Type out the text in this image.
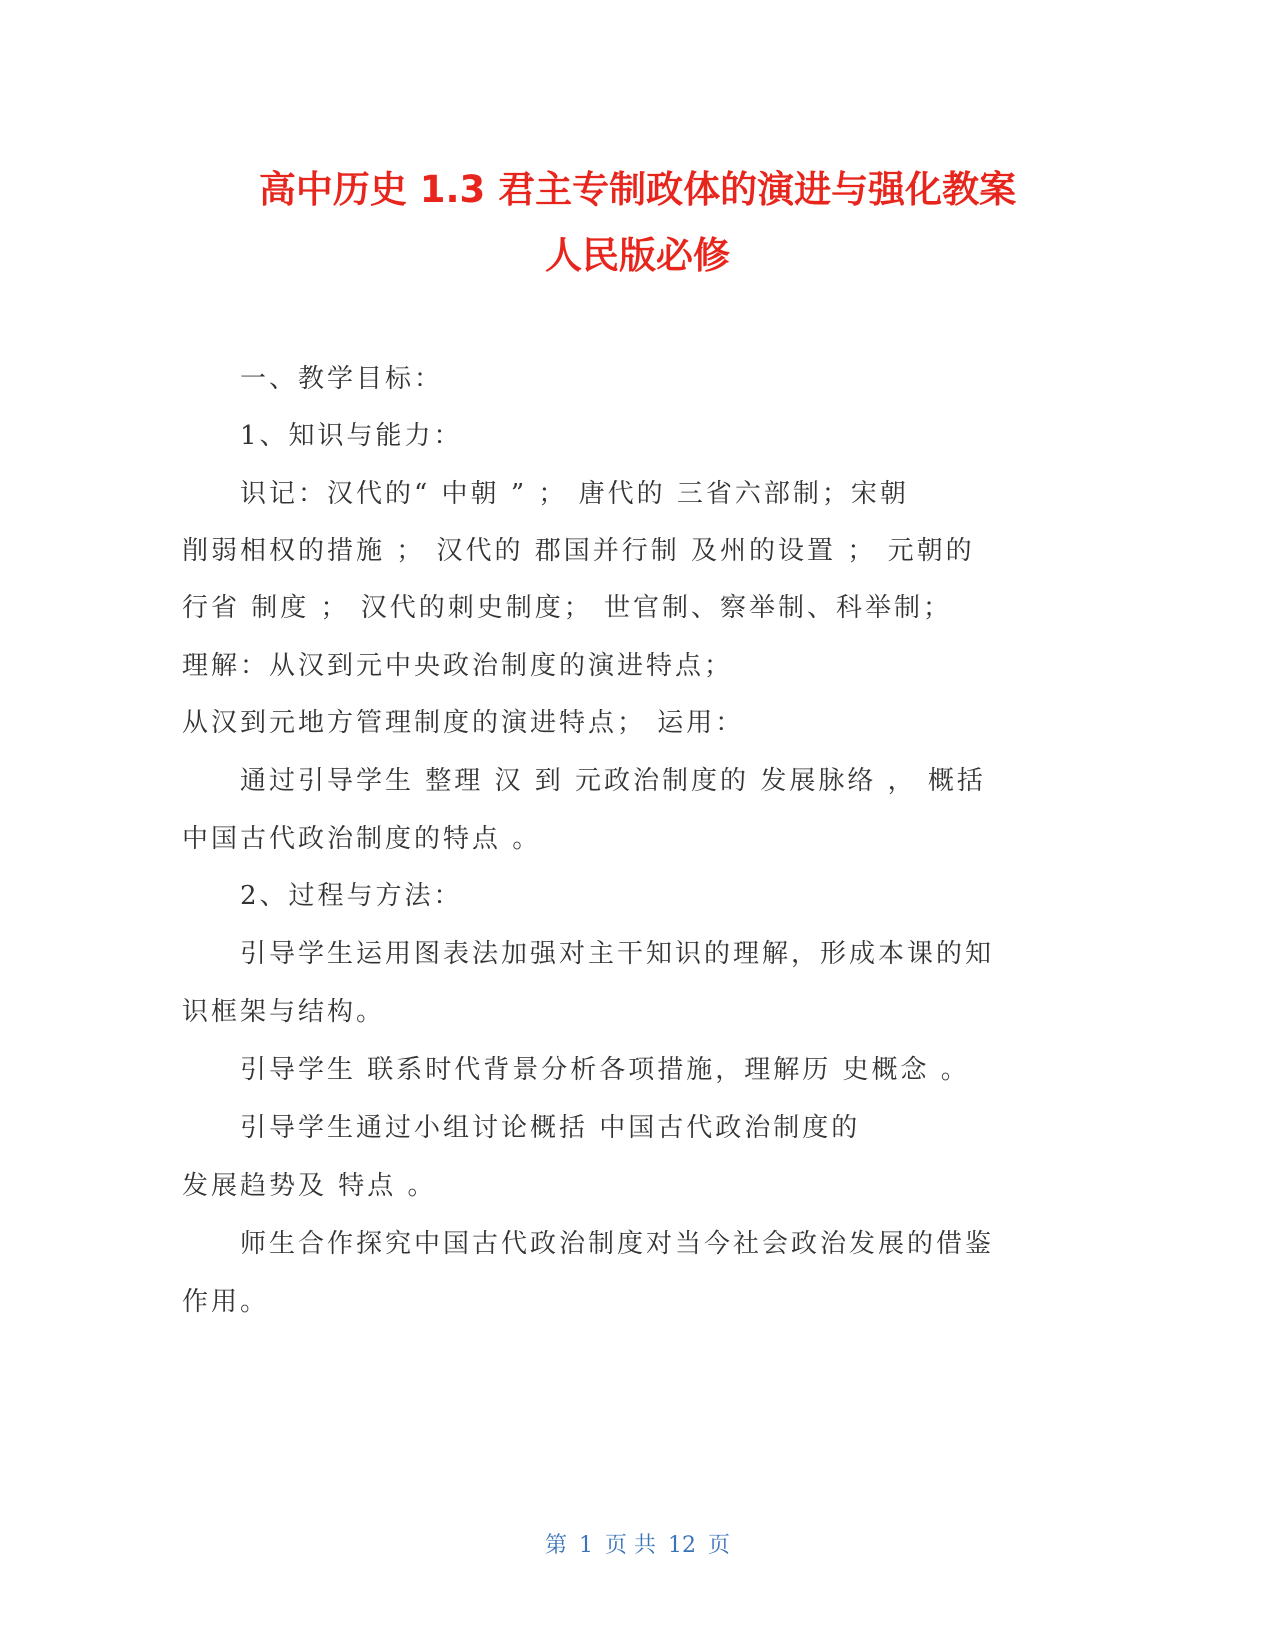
高中历史 1.3 君主专制政体的演进与强化教案
人民版必修

一、教学目标：

1、知识与能力：

识记：汉代的“ 中朝 ” ； 唐代的 三省六部制；宋朝

削弱相权的措施 ； 汉代的 郡国并行制 及州的设置 ； 元朝的

行省 制度 ； 汉代的刺史制度； 世官制、察举制、科举制；

理解：从汉到元中央政治制度的演进特点；

从汉到元地方管理制度的演进特点； 运用：

通过引导学生 整理 汉 到 元政治制度的 发展脉络 ， 概括

中国古代政治制度的特点 。

2、过程与方法：

引导学生运用图表法加强对主干知识的理解，形成本课的知

识框架与结构。

引导学生 联系时代背景分析各项措施，理解历 史概念 。

引导学生通过小组讨论概括 中国古代政治制度的

发展趋势及 特点 。

师生合作探究中国古代政治制度对当今社会政治发展的借鉴

作用。

第 1 页 共 12 页
